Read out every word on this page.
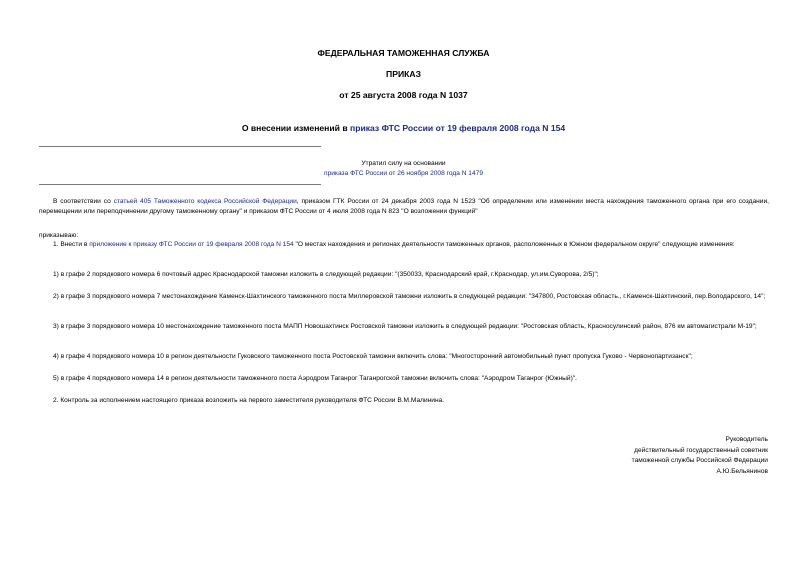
ФЕДЕРАЛЬНАЯ ТАМОЖЕННАЯ СЛУЖБА
ПРИКАЗ
от 25 августа 2008 года N 1037
О внесении изменений в приказ ФТС России от 19 февраля 2008 года N 154
Утратил силу на основании
приказа ФТС России от 26 ноября 2008 года N 1479
В соответствии со статьей 405 Таможенного кодекса Российской Федерации, приказом ГТК России от 24 декабря 2003 года N 1523 "Об определении или изменении места нахождения таможенного органа при его создании, перемещении или переподчинении другому таможенному органу" и приказом ФТС России от 4 июля 2008 года N 823 "О возложении функций"
приказываю:
1. Внести в приложение к приказу ФТС России от 19 февраля 2008 года N 154 "О местах нахождения и регионах деятельности таможенных органов, расположенных в Южном федеральном округе" следующие изменения:
1) в графе 2 порядкового номера 6 почтовый адрес Краснодарской таможни изложить в следующей редакции: "(350033, Краснодарский край, г.Краснодар, ул.им.Суворова, 2/5)";
2) в графе 3 порядкового номера 7 местонахождение Каменск-Шахтинского таможенного поста Миллеровской таможни изложить в следующей редакции: "347800, Ростовская область., г.Каменск-Шахтинский, пер.Володарского, 14";
3) в графе 3 порядкового номера 10 местонахождение таможенного поста МАПП Новошахтинск Ростовской таможни изложить в следующей редакции: "Ростовская область, Красносулинский район, 876 км автомагистрали М-19";
4) в графе 4 порядкового номера 10 в регион деятельности Гуковского таможенного поста Ростовской таможни включить слова: "Многосторонний автомобильный пункт пропуска Гуково - Червонопартизанск";
5) в графе 4 порядкового номера 14 в регион деятельности таможенного поста Аэродром Таганрог Таганрогской таможни включить слова: "Аэродром Таганрог (Южный)".
2. Контроль за исполнением настоящего приказа возложить на первого заместителя руководителя ФТС России В.М.Малинина.
Руководитель
действительный государственный советник
таможенной службы Российской Федерации
А.Ю.Бельянинов
